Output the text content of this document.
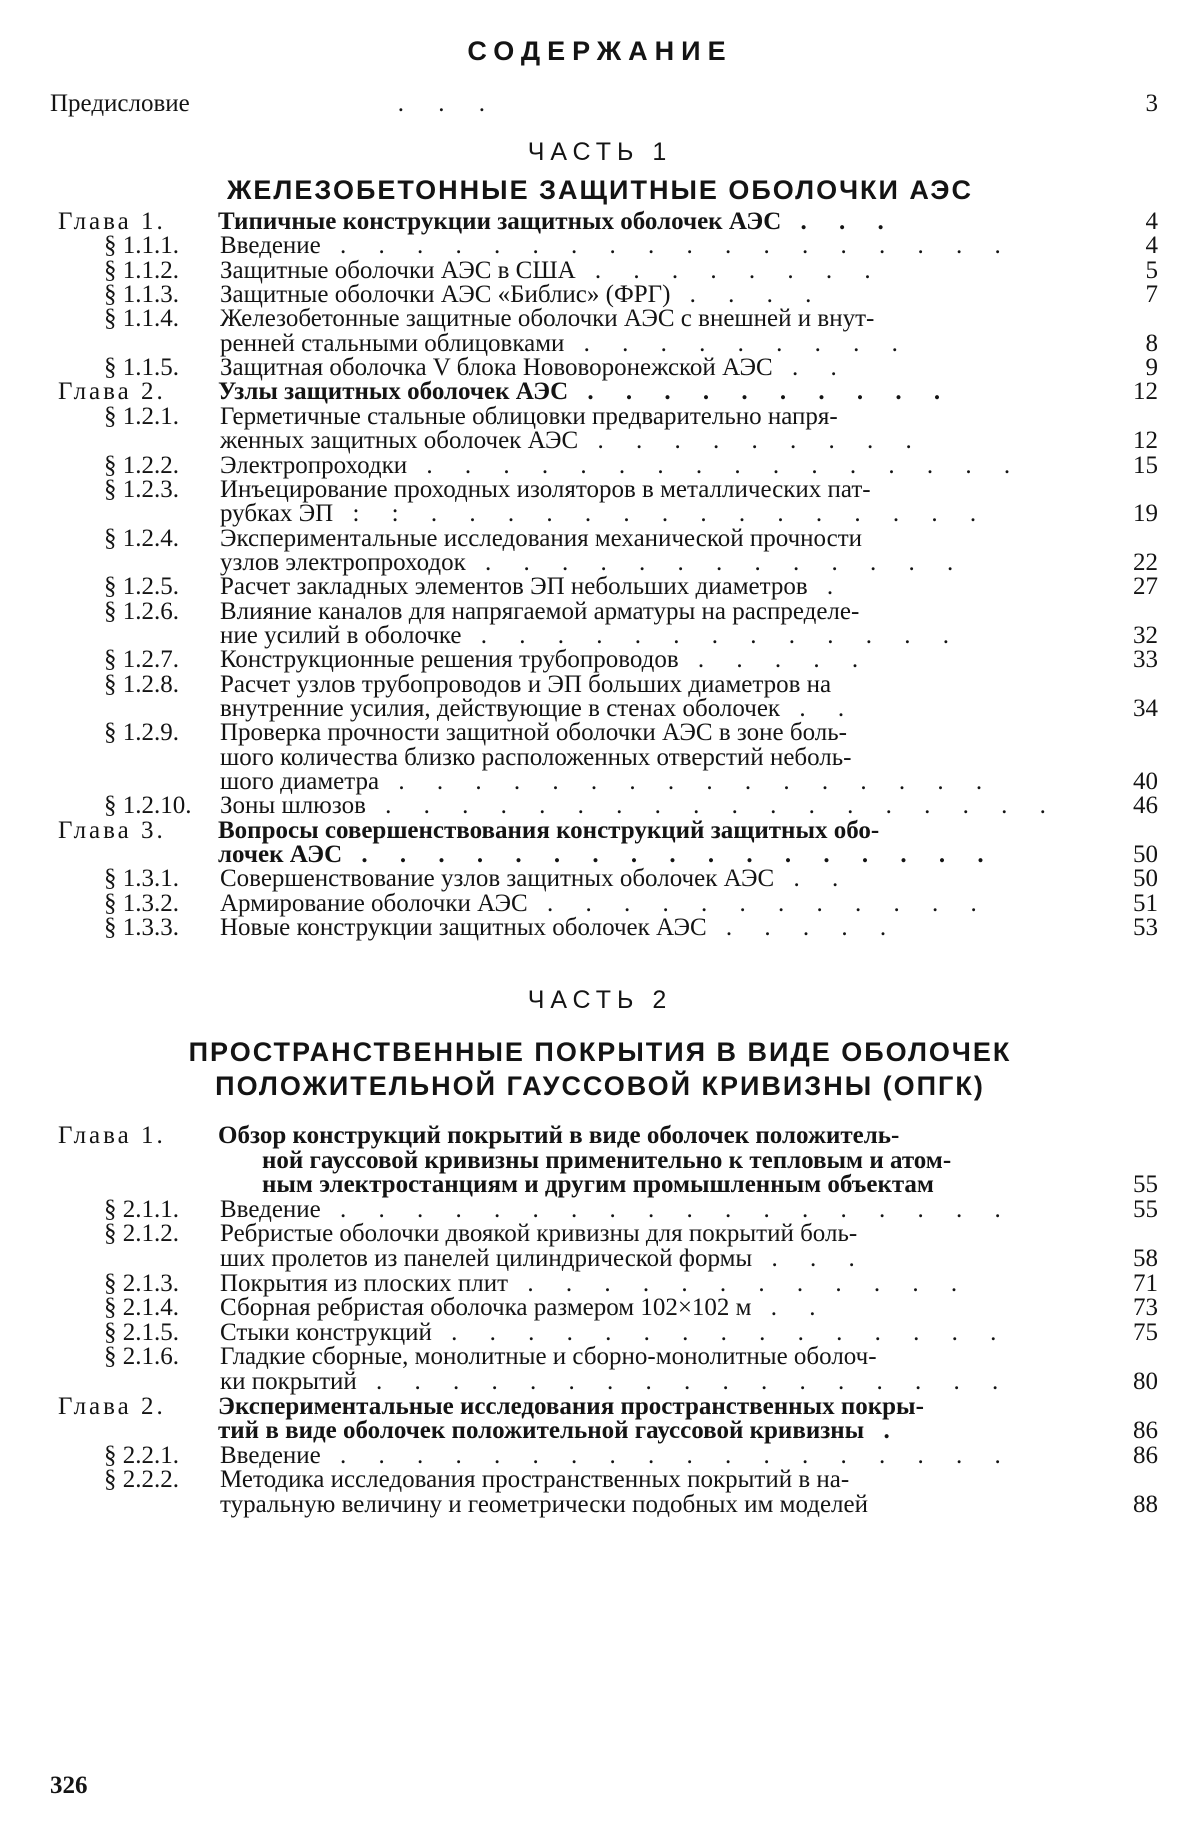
СОДЕРЖАНИЕ
Предисловие	. . .	3
ЧАСТЬ 1
ЖЕЛЕЗОБЕТОННЫЕ ЗАЩИТНЫЕ ОБОЛОЧКИ АЭС
ЧАСТЬ 2
ПРОСТРАНСТВЕННЫЕ ПОКРЫТИЯ В ВИДЕ ОБОЛОЧЕК
ПОЛОЖИТЕЛЬНОЙ ГАУССОВОЙ КРИВИЗНЫ (ОПГК)
Глава 1.	Типичные конструкции защитных оболочек АЭС . . .	4
§ 1.1.1.	Введение . . . . . . . . . . . . . . . . . .	4
§ 1.1.2.	Защитные оболочки АЭС в США . . . . . . . .	5
§ 1.1.3.	Защитные оболочки АЭС «Библис» (ФРГ) . . . .	7
§ 1.1.4.	Железобетонные защитные оболочки АЭС с внешней и внут-
ренней стальными облицовками . . . . . . . . .	8
§ 1.1.5.	Защитная оболочка V блока Нововоронежской АЭС . .	9
Глава 2.	Узлы защитных оболочек АЭС . . . . . . . . . .	12
§ 1.2.1.	Герметичные стальные облицовки предварительно напря-
женных защитных оболочек АЭС . . . . . . . . .	12
§ 1.2.2.	Электропроходки . . . . . . . . . . . . . . . .	15
§ 1.2.3.	Инъецирование проходных изоляторов в металлических пат-
рубках ЭП : : . . . . . . . . . . . . . . .	19
§ 1.2.4.	Экспериментальные исследования механической прочности
узлов электропроходок . . . . . . . . . . . . .	22
§ 1.2.5.	Расчет закладных элементов ЭП небольших диаметров .	27
§ 1.2.6.	Влияние каналов для напрягаемой арматуры на распределе-
ние усилий в оболочке . . . . . . . . . . . . .	32
§ 1.2.7.	Конструкционные решения трубопроводов . . . . .	33
§ 1.2.8.	Расчет узлов трубопроводов и ЭП больших диаметров на
внутренние усилия, действующие в стенах оболочек . .	34
§ 1.2.9.	Проверка прочности защитной оболочки АЭС в зоне боль-
шого количества близко расположенных отверстий неболь-
шого диаметра . . . . . . . . . . . . . . . .	40
§ 1.2.10.	Зоны шлюзов . . . . . . . . . . . . . . . . . .	46
Глава 3.	Вопросы совершенствования конструкций защитных обо-
лочек АЭС . . . . . . . . . . . . . . . . .	50
§ 1.3.1.	Совершенствование узлов защитных оболочек АЭС . .	50
§ 1.3.2.	Армирование оболочки АЭС . . . . . . . . . . . .	51
§ 1.3.3.	Новые конструкции защитных оболочек АЭС . . . . .	53
Глава 1.	Обзор конструкций покрытий в виде оболочек положитель-
ной гауссовой кривизны применительно к тепловым и атом-
ным электростанциям и другим промышленным объектам	55
§ 2.1.1.	Введение . . . . . . . . . . . . . . . . . .	55
§ 2.1.2.	Ребристые оболочки двоякой кривизны для покрытий боль-
ших пролетов из панелей цилиндрической формы . . .	58
§ 2.1.3.	Покрытия из плоских плит . . . . . . . . . . . .	71
§ 2.1.4.	Сборная ребристая оболочка размером 102×102 м . .	73
§ 2.1.5.	Стыки конструкций . . . . . . . . . . . . . . .	75
§ 2.1.6.	Гладкие сборные, монолитные и сборно-монолитные оболоч-
ки покрытий . . . . . . . . . . . . . . . . .	80
Глава 2.	Экспериментальные исследования пространственных покры-
тий в виде оболочек положительной гауссовой кривизны .	86
§ 2.2.1.	Введение . . . . . . . . . . . . . . . . . .	86
§ 2.2.2.	Методика исследования пространственных покрытий в на-
туральную величину и геометрически подобных им моделей	88
326
